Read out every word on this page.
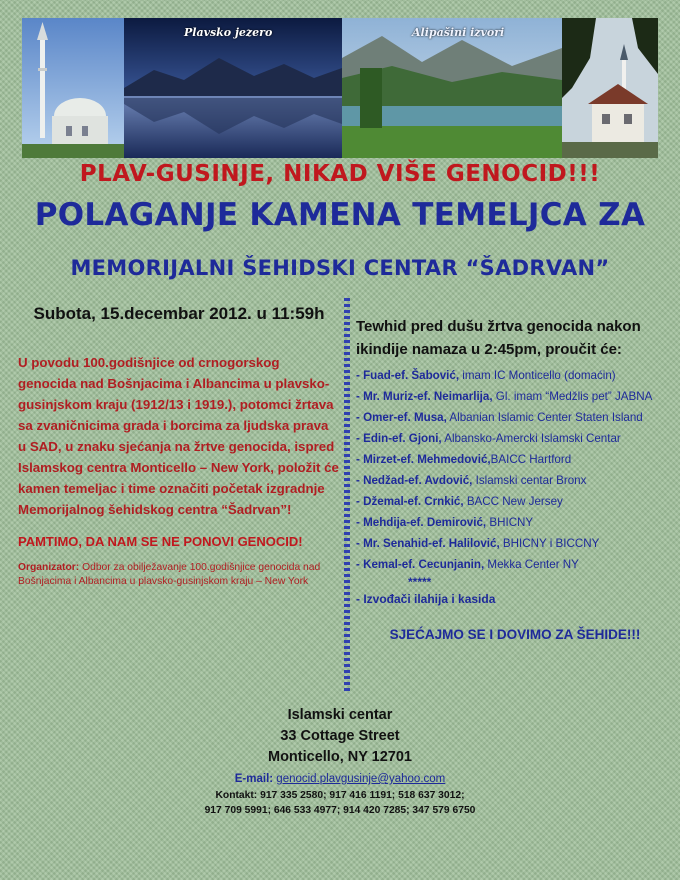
Plavsko jezero	Alipašini izvori
PLAV-GUSINJE, NIKAD VIŠE GENOCID!!!
POLAGANJE KAMENA TEMELJCA ZA
MEMORIJALNI ŠEHIDSKI CENTAR “ŠADRVAN”
Subota, 15.decembar 2012. u 11:59h

U povodu 100.godišnjice od crnogorskog genocida nad Bošnjacima i Albancima u plavsko-gusinjskom kraju (1912/13 i 1919.), potomci žrtava sa zvaničnicima grada i borcima za ljudska prava u SAD, u znaku sjećanja na žrtve genocida, ispred Islamskog centra Monticello – New York, položit će kamen temeljac i time označiti početak izgradnje Memorijalnog šehidskog centra “Šadrvan”!

PAMTIMO, DA NAM SE NE PONOVI GENOCID!
Organizator: Odbor za obilježavanje 100.godišnjice genocida nad Bošnjacima i Albancima u plavsko-gusinjskom kraju – New York
Tewhid pred dušu žrtva genocida nakon ikindije namaza u 2:45pm, proučit će:
- Fuad-ef. Šabović, imam IC Monticello (domaćin)
- Mr. Muriz-ef. Neimarlija, Gl. imam “Medžlis pet” JABNA
- Omer-ef. Musa, Albanian Islamic Center Staten Island
- Edin-ef. Gjoni, Albansko-Amercki Islamski Centar
- Mirzet-ef. Mehmedović,BAICC Hartford
- Nedžad-ef. Avdović, Islamski centar Bronx
- Džemal-ef. Crnkić, BACC New Jersey
- Mehdija-ef. Demirović, BHICNY
- Mr. Senahid-ef. Halilović, BHICNY i BICCNY
- Kemal-ef. Cecunjanin, Mekka Center NY
*****
- Izvođači ilahija i kasida
SJEĆAJMO SE I DOVIMO ZA ŠEHIDE!!!
Islamski centar
33 Cottage Street
Monticello, NY 12701
E-mail: genocid.plavgusinje@yahoo.com
Kontakt: 917 335 2580; 917 416 1191; 518 637 3012;
917 709 5991; 646 533 4977; 914 420 7285; 347 579 6750
